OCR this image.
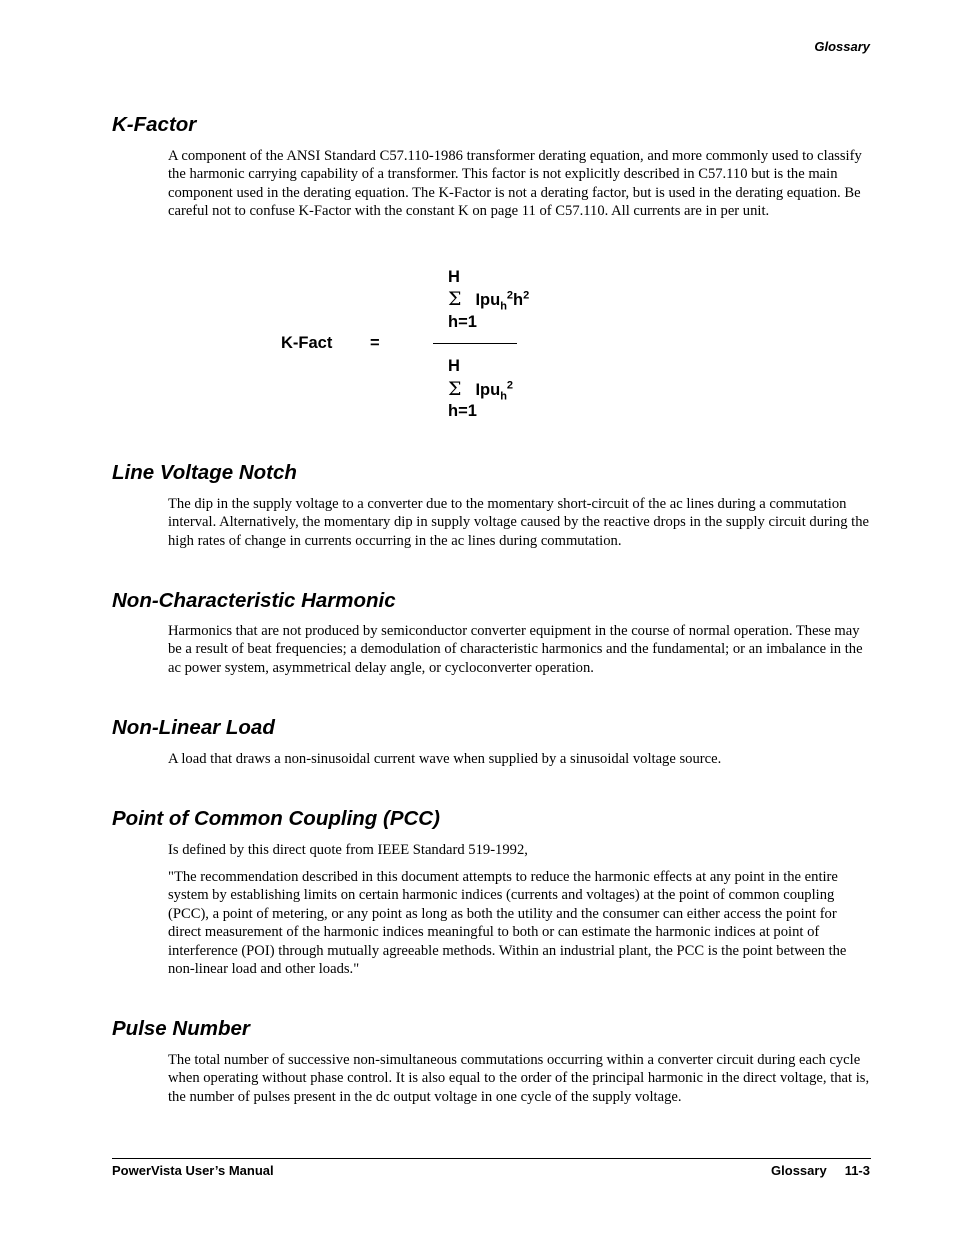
Glossary
K-Factor

A component of the ANSI Standard C57.110-1986 transformer derating equation, and more commonly used to classify the harmonic carrying capability of a transformer. This factor is not explicitly described in C57.110 but is the main component used in the derating equation. The K-Factor is not a derating factor, but is used in the derating equation. Be careful not to confuse K-Factor with the constant K on page 11 of C57.110. All currents are in per unit.

K-Fact =
H
Σ $Ipu_h^2h^2$
h=1
H
Σ Ipu$_h^2$
h=1
Line Voltage Notch

The dip in the supply voltage to a converter due to the momentary short-circuit of the ac lines during a commutation interval. Alternatively, the momentary dip in supply voltage caused by the reactive drops in the supply circuit during the high rates of change in currents occurring in the ac lines during commutation.

Non-Characteristic Harmonic

Harmonics that are not produced by semiconductor converter equipment in the course of normal operation. These may be a result of beat frequencies; a demodulation of characteristic harmonics and the fundamental; or an imbalance in the ac power system, asymmetrical delay angle, or cycloconverter operation.

Non-Linear Load

A load that draws a non-sinusoidal current wave when supplied by a sinusoidal voltage source.

Point of Common Coupling (PCC)

Is defined by this direct quote from IEEE Standard 519-1992,

"The recommendation described in this document attempts to reduce the harmonic effects at any point in the entire system by establishing limits on certain harmonic indices (currents and voltages) at the point of common coupling (PCC), a point of metering, or any point as long as both the utility and the consumer can either access the point for direct measurement of the harmonic indices meaningful to both or can estimate the harmonic indices at point of interference (POI) through mutually agreeable methods. Within an industrial plant, the PCC is the point between the non-linear load and other loads."

Pulse Number

The total number of successive non-simultaneous commutations occurring within a converter circuit during each cycle when operating without phase control. It is also equal to the order of the principal harmonic in the direct voltage, that is, the number of pulses present in the dc output voltage in one cycle of the supply voltage.

PowerVista User’s Manual	Glossary 11-3
